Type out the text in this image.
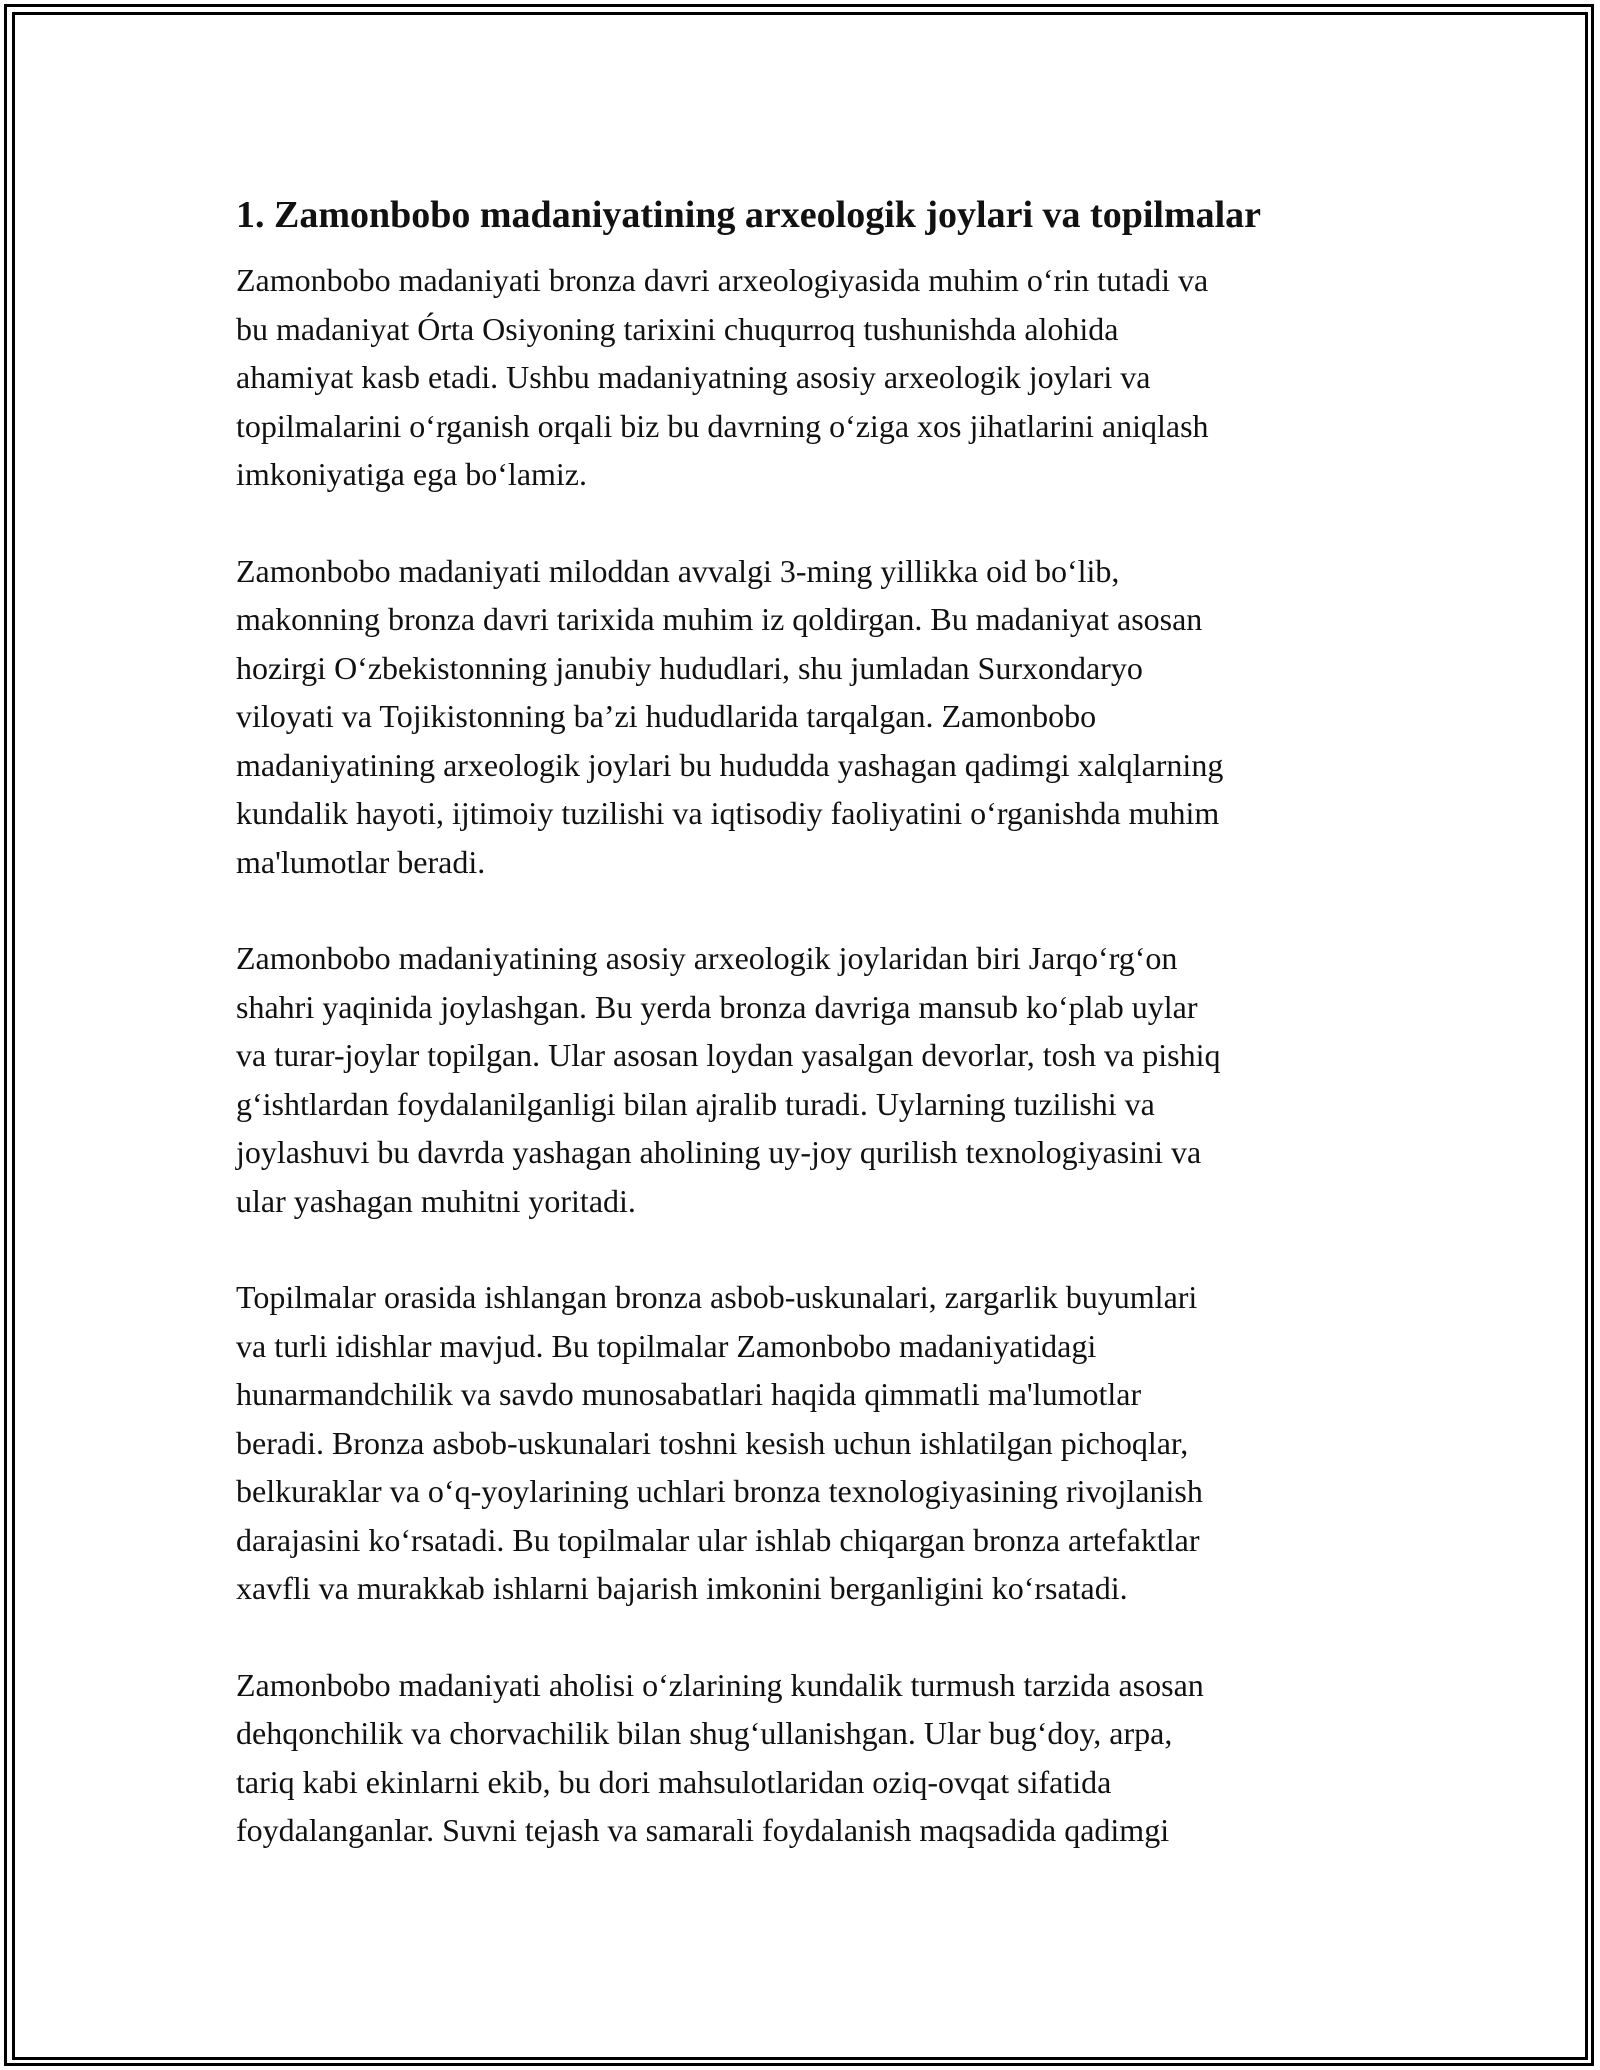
1. Zamonbobo madaniyatining arxeologik joylari va topilmalar
Zamonbobo madaniyati bronza davri arxeologiyasida muhim o‘rin tutadi va
bu madaniyat Órta Osiyoning tarixini chuqurroq tushunishda alohida
ahamiyat kasb etadi. Ushbu madaniyatning asosiy arxeologik joylari va
topilmalarini o‘rganish orqali biz bu davrning o‘ziga xos jihatlarini aniqlash
imkoniyatiga ega bo‘lamiz.
Zamonbobo madaniyati miloddan avvalgi 3-ming yillikka oid bo‘lib,
makonning bronza davri tarixida muhim iz qoldirgan. Bu madaniyat asosan
hozirgi O‘zbekistonning janubiy hududlari, shu jumladan Surxondaryo
viloyati va Tojikistonning ba’zi hududlarida tarqalgan. Zamonbobo
madaniyatining arxeologik joylari bu hududda yashagan qadimgi xalqlarning
kundalik hayoti, ijtimoiy tuzilishi va iqtisodiy faoliyatini o‘rganishda muhim
ma'lumotlar beradi.
Zamonbobo madaniyatining asosiy arxeologik joylaridan biri Jarqo‘rg‘on
shahri yaqinida joylashgan. Bu yerda bronza davriga mansub ko‘plab uylar
va turar-joylar topilgan. Ular asosan loydan yasalgan devorlar, tosh va pishiq
g‘ishtlardan foydalanilganligi bilan ajralib turadi. Uylarning tuzilishi va
joylashuvi bu davrda yashagan aholining uy-joy qurilish texnologiyasini va
ular yashagan muhitni yoritadi.
Topilmalar orasida ishlangan bronza asbob-uskunalari, zargarlik buyumlari
va turli idishlar mavjud. Bu topilmalar Zamonbobo madaniyatidagi
hunarmandchilik va savdo munosabatlari haqida qimmatli ma'lumotlar
beradi. Bronza asbob-uskunalari toshni kesish uchun ishlatilgan pichoqlar,
belkuraklar va o‘q-yoylarining uchlari bronza texnologiyasining rivojlanish
darajasini ko‘rsatadi. Bu topilmalar ular ishlab chiqargan bronza artefaktlar
xavfli va murakkab ishlarni bajarish imkonini berganligini ko‘rsatadi.
Zamonbobo madaniyati aholisi o‘zlarining kundalik turmush tarzida asosan
dehqonchilik va chorvachilik bilan shug‘ullanishgan. Ular bug‘doy, arpa,
tariq kabi ekinlarni ekib, bu dori mahsulotlaridan oziq-ovqat sifatida
foydalanganlar. Suvni tejash va samarali foydalanish maqsadida qadimgi
